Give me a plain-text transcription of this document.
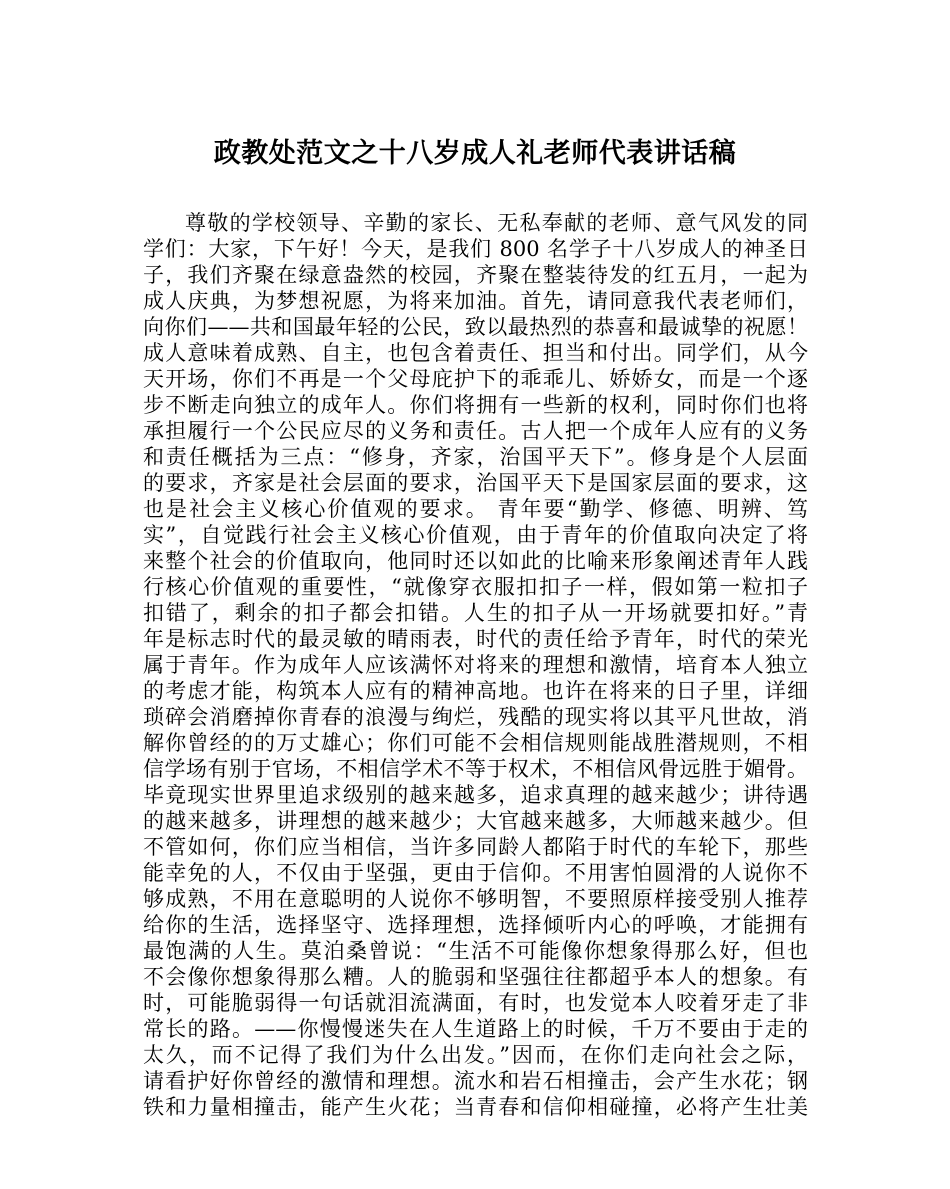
政教处范文之十八岁成人礼老师代表讲话稿
尊敬的学校领导、辛勤的家长、无私奉献的老师、意气风发的同
学们：大家，下午好！今天，是我们 800 名学子十八岁成人的神圣日
子，我们齐聚在绿意盎然的校园，齐聚在整装待发的红五月，一起为
成人庆典，为梦想祝愿，为将来加油。首先，请同意我代表老师们，
向你们——共和国最年轻的公民，致以最热烈的恭喜和最诚挚的祝愿！
成人意味着成熟、自主，也包含着责任、担当和付出。同学们，从今
天开场，你们不再是一个父母庇护下的乖乖儿、娇娇女，而是一个逐
步不断走向独立的成年人。你们将拥有一些新的权利，同时你们也将
承担履行一个公民应尽的义务和责任。古人把一个成年人应有的义务
和责任概括为三点：“修身，齐家，治国平天下”。修身是个人层面
的要求，齐家是社会层面的要求，治国平天下是国家层面的要求，这
也是社会主义核心价值观的要求。 青年要“勤学、修德、明辨、笃
实”，自觉践行社会主义核心价值观，由于青年的价值取向决定了将
来整个社会的价值取向，他同时还以如此的比喻来形象阐述青年人践
行核心价值观的重要性，“就像穿衣服扣扣子一样，假如第一粒扣子
扣错了，剩余的扣子都会扣错。人生的扣子从一开场就要扣好。”青
年是标志时代的最灵敏的晴雨表，时代的责任给予青年，时代的荣光
属于青年。作为成年人应该满怀对将来的理想和激情，培育本人独立
的考虑才能，构筑本人应有的精神高地。也许在将来的日子里，详细
琐碎会消磨掉你青春的浪漫与绚烂，残酷的现实将以其平凡世故，消
解你曾经的的万丈雄心；你们可能不会相信规则能战胜潜规则，不相
信学场有别于官场，不相信学术不等于权术，不相信风骨远胜于媚骨。
毕竟现实世界里追求级别的越来越多，追求真理的越来越少；讲待遇
的越来越多，讲理想的越来越少；大官越来越多，大师越来越少。但
不管如何，你们应当相信，当许多同龄人都陷于时代的车轮下，那些
能幸免的人，不仅由于坚强，更由于信仰。不用害怕圆滑的人说你不
够成熟，不用在意聪明的人说你不够明智，不要照原样接受别人推荐
给你的生活，选择坚守、选择理想，选择倾听内心的呼唤，才能拥有
最饱满的人生。莫泊桑曾说：“生活不可能像你想象得那么好，但也
不会像你想象得那么糟。人的脆弱和坚强往往都超乎本人的想象。有
时，可能脆弱得一句话就泪流满面，有时，也发觉本人咬着牙走了非
常长的路。——你慢慢迷失在人生道路上的时候，千万不要由于走的
太久，而不记得了我们为什么出发。”因而，在你们走向社会之际，
请看护好你曾经的激情和理想。流水和岩石相撞击，会产生水花；钢
铁和力量相撞击，能产生火花；当青春和信仰相碰撞，必将产生壮美
